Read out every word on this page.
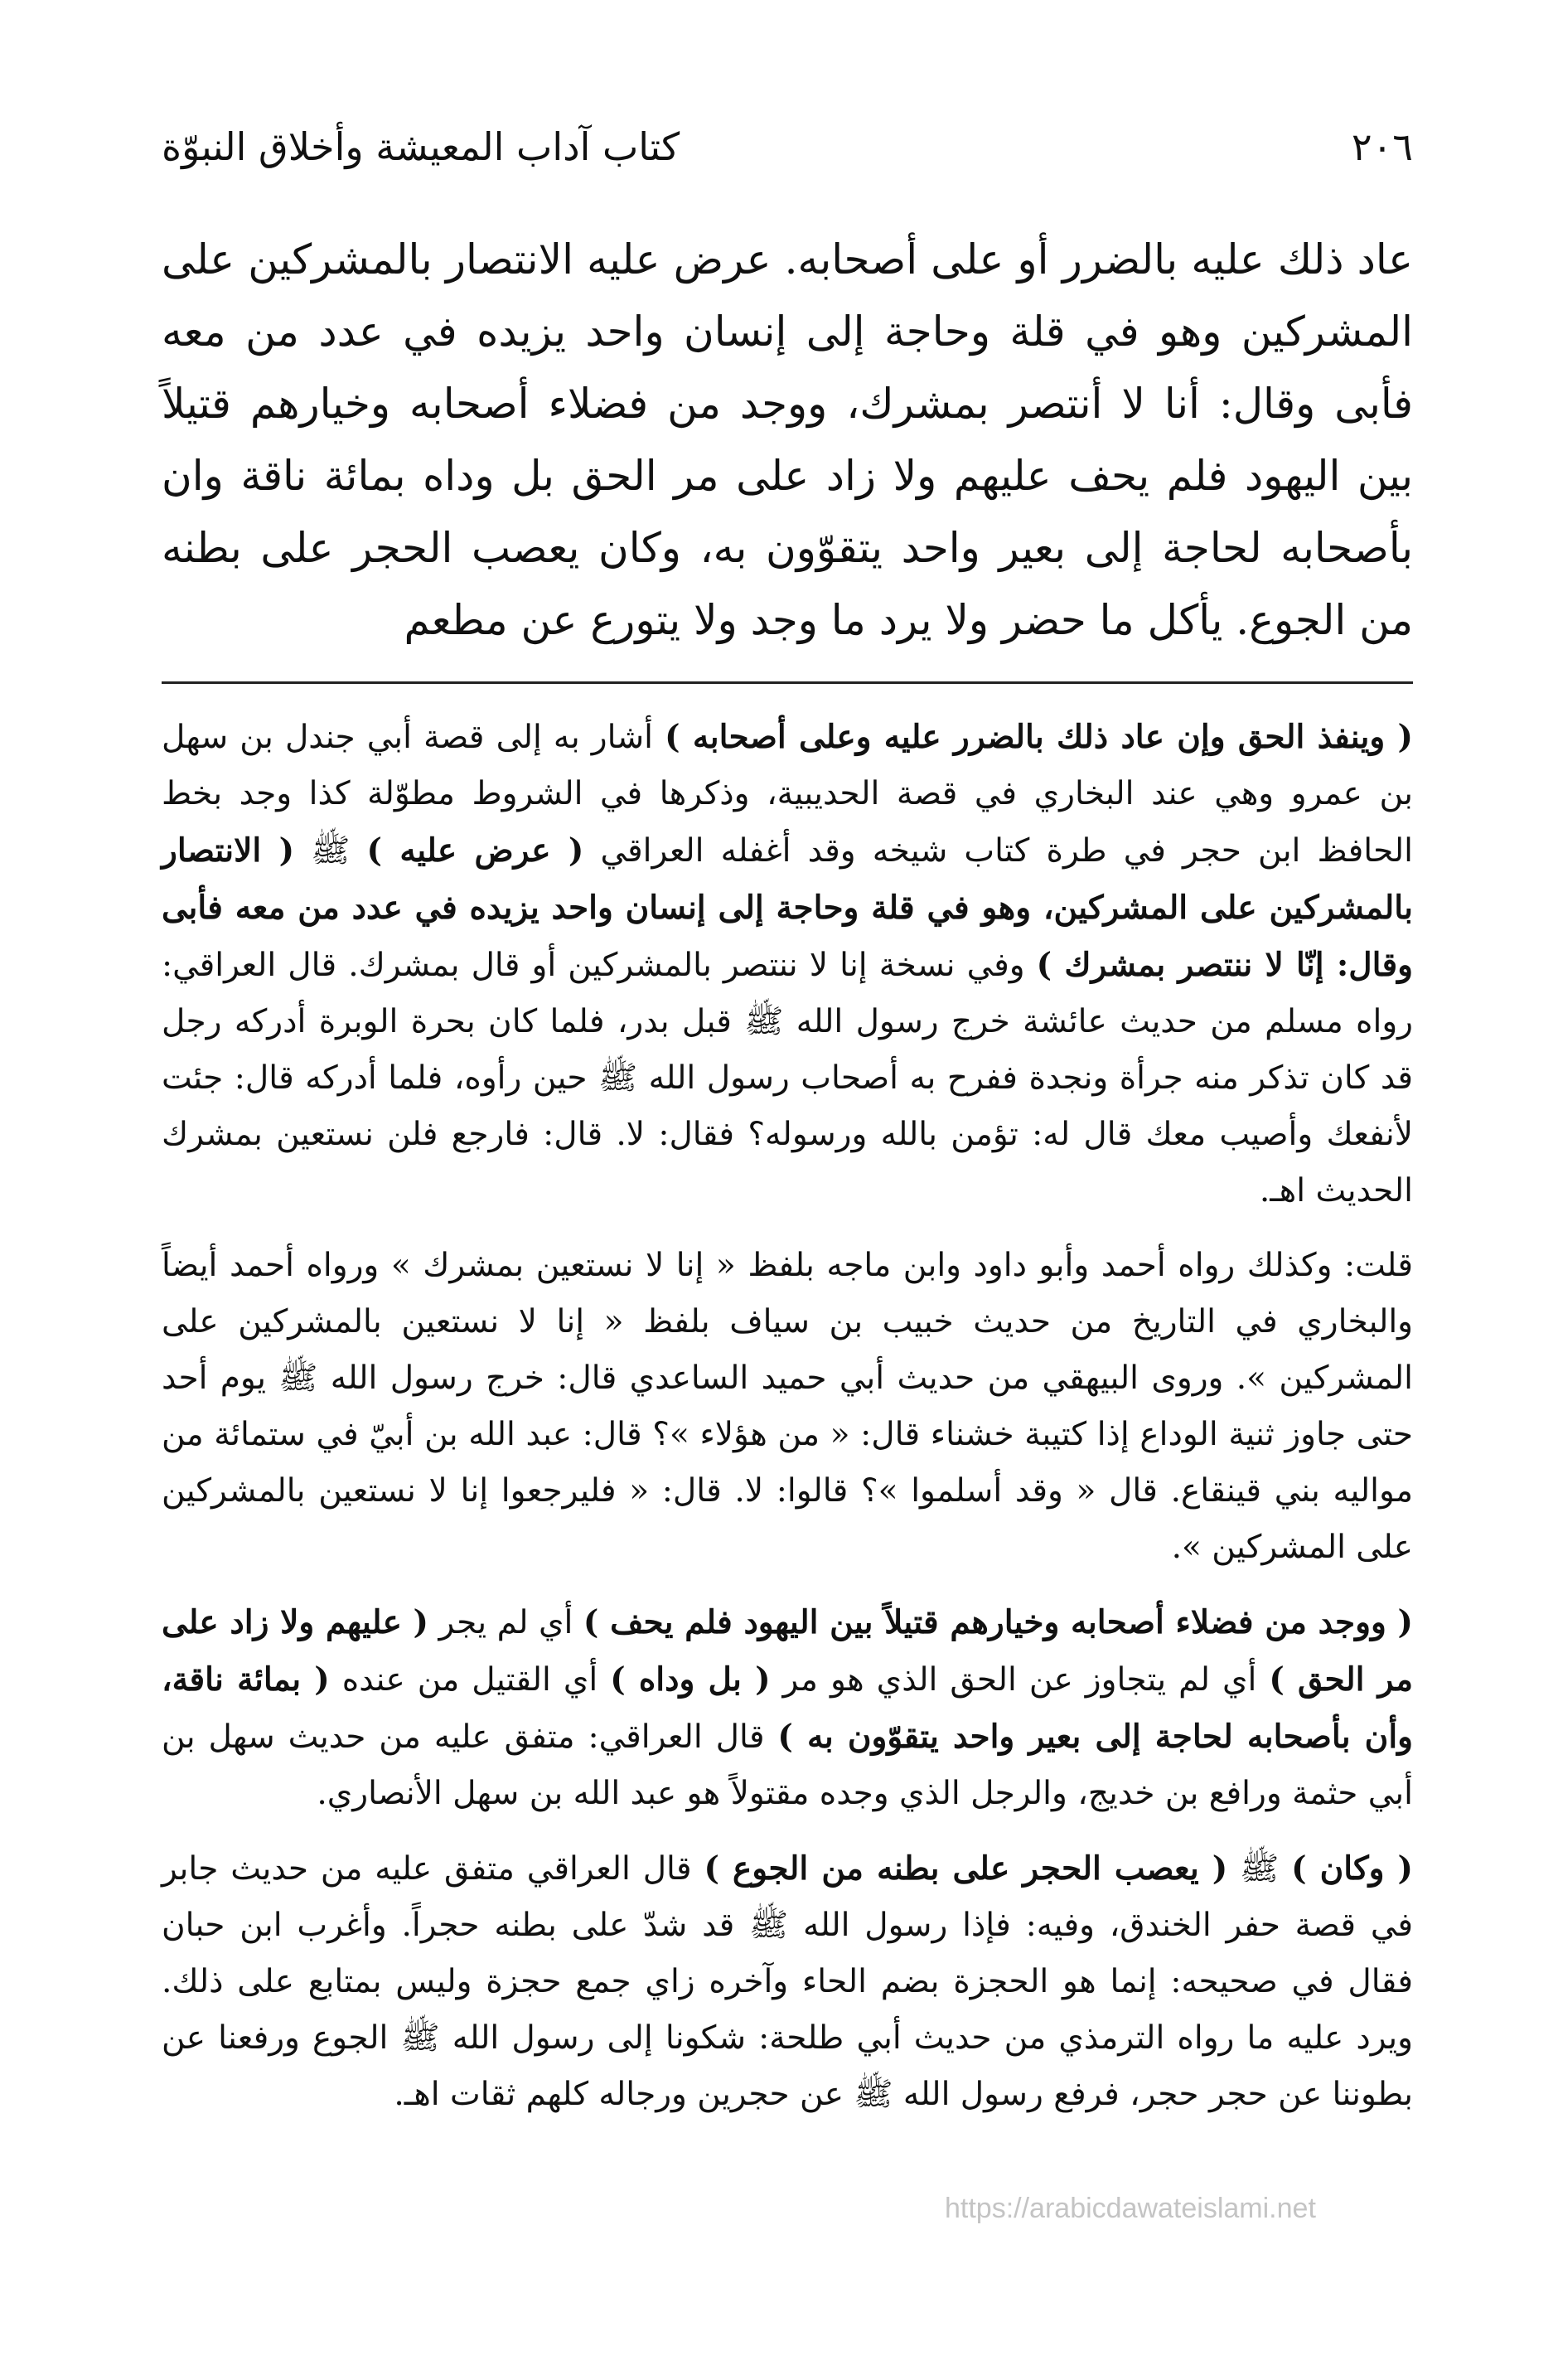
٢٠٦
كتاب آداب المعيشة وأخلاق النبوّة

عاد ذلك عليه بالضرر أو على أصحابه. عرض عليه الانتصار بالمشركين على المشركين وهو في قلة وحاجة إلى إنسان واحد يزيده في عدد من معه فأبى وقال: أنا لا أنتصر بمشرك، ووجد من فضلاء أصحابه وخيارهم قتيلاً بين اليهود فلم يحف عليهم ولا زاد على مر الحق بل وداه بمائة ناقة وان بأصحابه لحاجة إلى بعير واحد يتقوّون به، وكان يعصب الحجر على بطنه من الجوع. يأكل ما حضر ولا يرد ما وجد ولا يتورع عن مطعم

( وينفذ الحق وإن عاد ذلك بالضرر عليه وعلى أصحابه ) أشار به إلى قصة أبي جندل بن سهل بن عمرو وهي عند البخاري في قصة الحديبية، وذكرها في الشروط مطوّلة كذا وجد بخط الحافظ ابن حجر في طرة كتاب شيخه وقد أغفله العراقي ( عرض عليه ) ﷺ ( الانتصار بالمشركين على المشركين، وهو في قلة وحاجة إلى إنسان واحد يزيده في عدد من معه فأبى وقال: إنّا لا ننتصر بمشرك ) وفي نسخة إنا لا ننتصر بالمشركين أو قال بمشرك. قال العراقي: رواه مسلم من حديث عائشة خرج رسول الله ﷺ قبل بدر، فلما كان بحرة الوبرة أدركه رجل قد كان تذكر منه جرأة ونجدة ففرح به أصحاب رسول الله ﷺ حين رأوه، فلما أدركه قال: جئت لأنفعك وأصيب معك قال له: تؤمن بالله ورسوله؟ فقال: لا. قال: فارجع فلن نستعين بمشرك الحديث اهـ.

قلت: وكذلك رواه أحمد وأبو داود وابن ماجه بلفظ « إنا لا نستعين بمشرك » ورواه أحمد أيضاً والبخاري في التاريخ من حديث خبيب بن سياف بلفظ « إنا لا نستعين بالمشركين على المشركين ». وروى البيهقي من حديث أبي حميد الساعدي قال: خرج رسول الله ﷺ يوم أحد حتى جاوز ثنية الوداع إذا كتيبة خشناء قال: « من هؤلاء »؟ قال: عبد الله بن أبيّ في ستمائة من مواليه بني قينقاع. قال « وقد أسلموا »؟ قالوا: لا. قال: « فليرجعوا إنا لا نستعين بالمشركين على المشركين ».

( ووجد من فضلاء أصحابه وخيارهم قتيلاً بين اليهود فلم يحف ) أي لم يجر ( عليهم ولا زاد على مر الحق ) أي لم يتجاوز عن الحق الذي هو مر ( بل وداه ) أي القتيل من عنده ( بمائة ناقة، وأن بأصحابه لحاجة إلى بعير واحد يتقوّون به ) قال العراقي: متفق عليه من حديث سهل بن أبي حثمة ورافع بن خديج، والرجل الذي وجده مقتولاً هو عبد الله بن سهل الأنصاري.

( وكان ) ﷺ ( يعصب الحجر على بطنه من الجوع ) قال العراقي متفق عليه من حديث جابر في قصة حفر الخندق، وفيه: فإذا رسول الله ﷺ قد شدّ على بطنه حجراً. وأغرب ابن حبان فقال في صحيحه: إنما هو الحجزة بضم الحاء وآخره زاي جمع حجزة وليس بمتابع على ذلك. ويرد عليه ما رواه الترمذي من حديث أبي طلحة: شكونا إلى رسول الله ﷺ الجوع ورفعنا عن بطوننا عن حجر حجر، فرفع رسول الله ﷺ عن حجرين ورجاله كلهم ثقات اهـ.

https://arabicdawateislami.net
